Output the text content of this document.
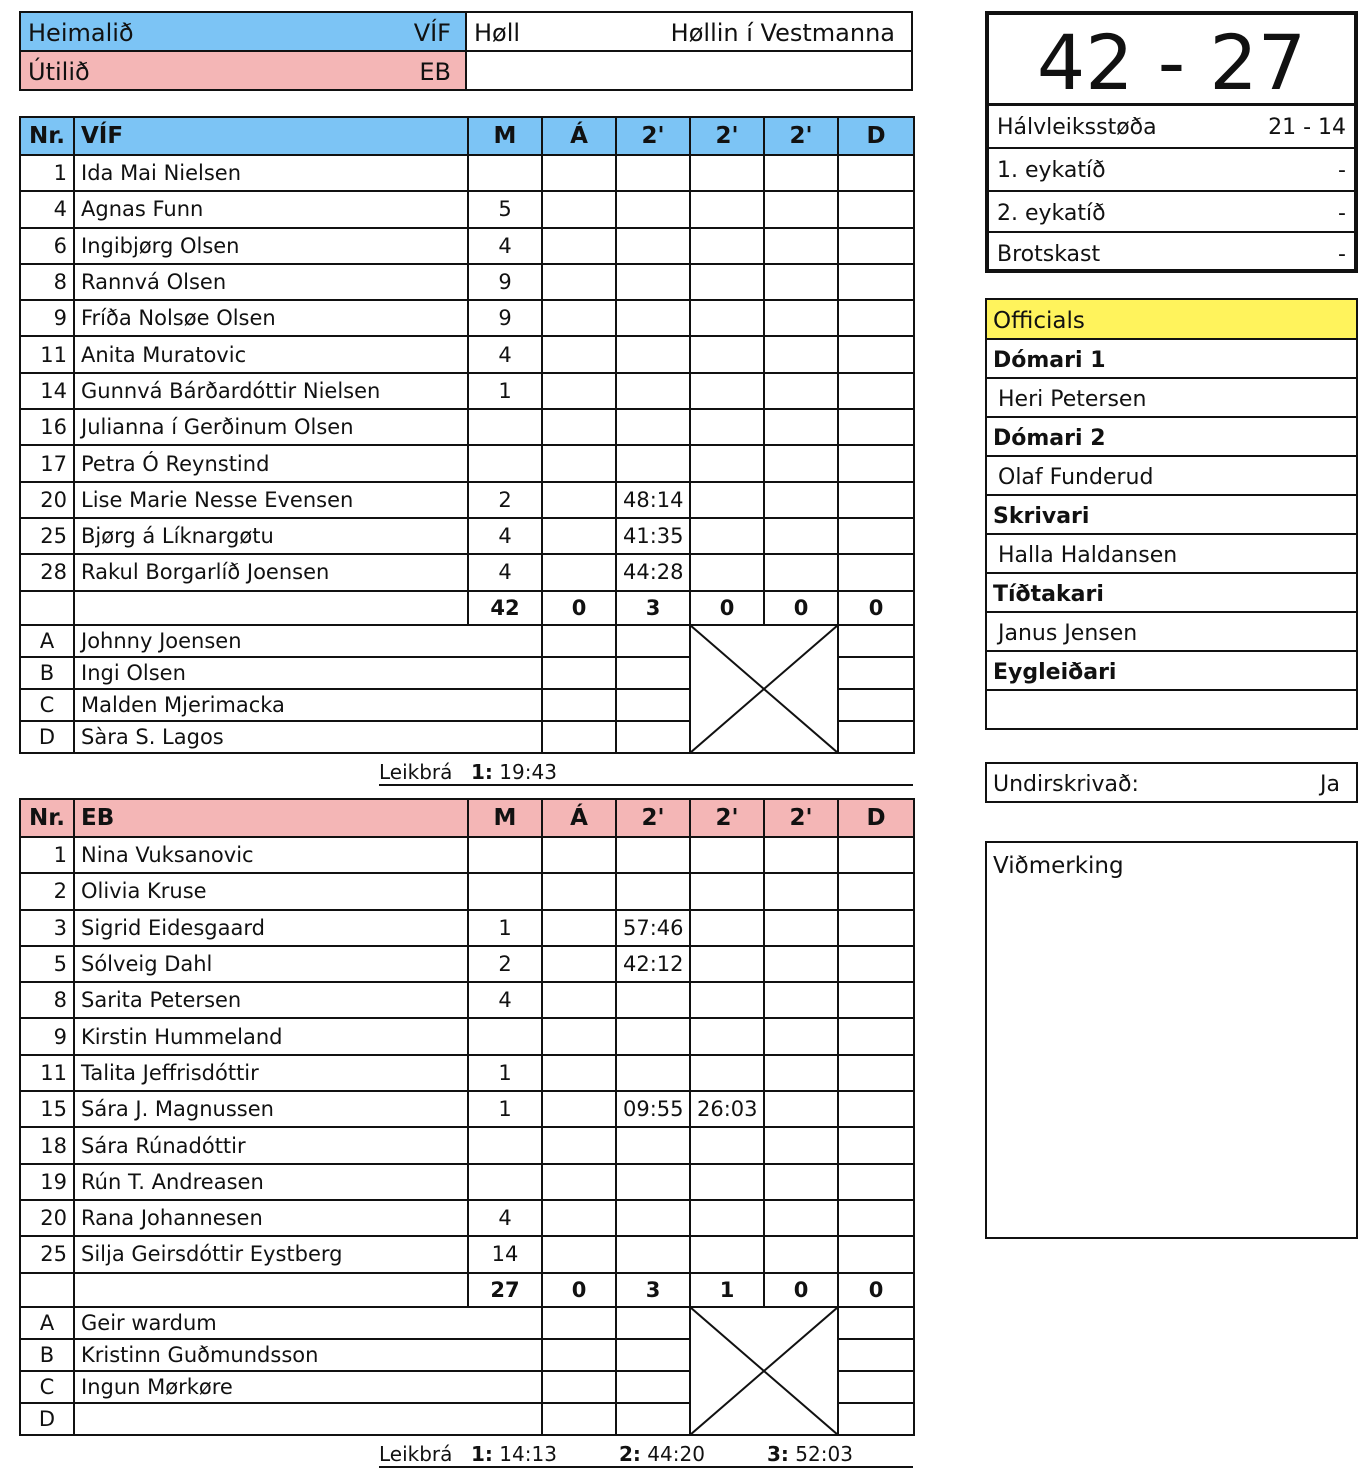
Heimalið	VÍF
Útilið	EB
Høll	Høllin í Vestmanna
Nr.	VÍF	M	Á	2'	2'	2'	D
1	Ida Mai Nielsen						
4	Agnas Funn	5					
6	Ingibjørg Olsen	4					
8	Rannvá Olsen	9					
9	Fríða Nolsøe Olsen	9					
11	Anita Muratovic	4					
14	Gunnvá Bárðardóttir Nielsen	1					
16	Julianna í Gerðinum Olsen						
17	Petra Ó Reynstind						
20	Lise Marie Nesse Evensen	2		48:14			
25	Bjørg á Líknargøtu	4		41:35			
28	Rakul Borgarlíð Joensen	4		44:28			
		42	0	3	0	0	0
A	Johnny Joensen						
B	Ingi Olsen						
C	Malden Mjerimacka						
D	Sàra S. Lagos						
Leikbrá 1: 19:43
Nr.	EB	M	Á	2'	2'	2'	D
1	Nina Vuksanovic						
2	Olivia Kruse						
3	Sigrid Eidesgaard	1		57:46			
5	Sólveig Dahl	2		42:12			
8	Sarita Petersen	4					
9	Kirstin Hummeland						
11	Talita Jeffrisdóttir	1					
15	Sára J. Magnussen	1		09:55	26:03		
18	Sára Rúnadóttir						
19	Rún T. Andreasen						
20	Rana Johannesen	4					
25	Silja Geirsdóttir Eystberg	14					
		27	0	3	1	0	0
A	Geir wardum						
B	Kristinn Guðmundsson						
C	Ingun Mørkøre						
D							
Leikbrá 1: 14:13	2: 44:20	3: 52:03
42 - 27
Hálvleiksstøða	21 - 14
1. eykatíð	-
2. eykatíð	-
Brotskast	-
Officials
Dómari 1
Heri Petersen
Dómari 2
Olaf Funderud
Skrivari
Halla Haldansen
Tíðtakari
Janus Jensen
Eygleiðari
Undirskrivað:	Ja
Viðmerking
